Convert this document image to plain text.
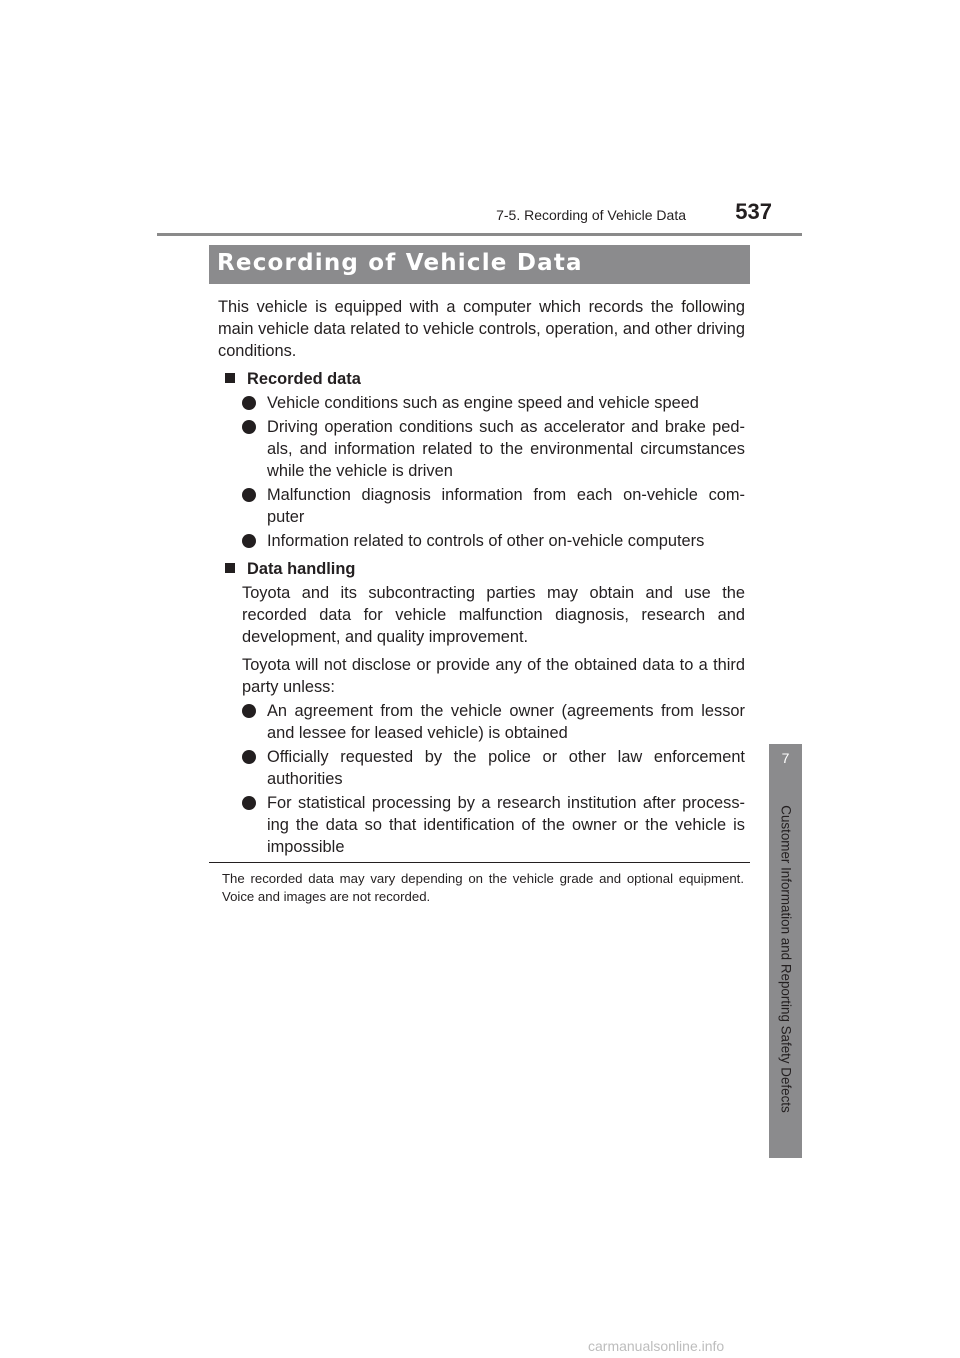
7-5. Recording of Vehicle Data 537
Recording of Vehicle Data

This vehicle is equipped with a computer which records the following main vehicle data related to vehicle controls, operation, and other driving conditions.

Recorded data
Vehicle conditions such as engine speed and vehicle speed
Driving operation conditions such as accelerator and brake ped-als, and information related to the environmental circumstances while the vehicle is driven
Malfunction diagnosis information from each on-vehicle com-puter
Information related to controls of other on-vehicle computers
Data handling

Toyota and its subcontracting parties may obtain and use the recorded data for vehicle malfunction diagnosis, research and development, and quality improvement.

Toyota will not disclose or provide any of the obtained data to a third party unless:

An agreement from the vehicle owner (agreements from lessor and lessee for leased vehicle) is obtained
Officially requested by the police or other law enforcement authorities
For statistical processing by a research institution after process-ing the data so that identification of the owner or the vehicle is impossible
The recorded data may vary depending on the vehicle grade and optional equipment. Voice and images are not recorded.
7
Customer Information and Reporting Safety Defects
carmanualsonline.info
